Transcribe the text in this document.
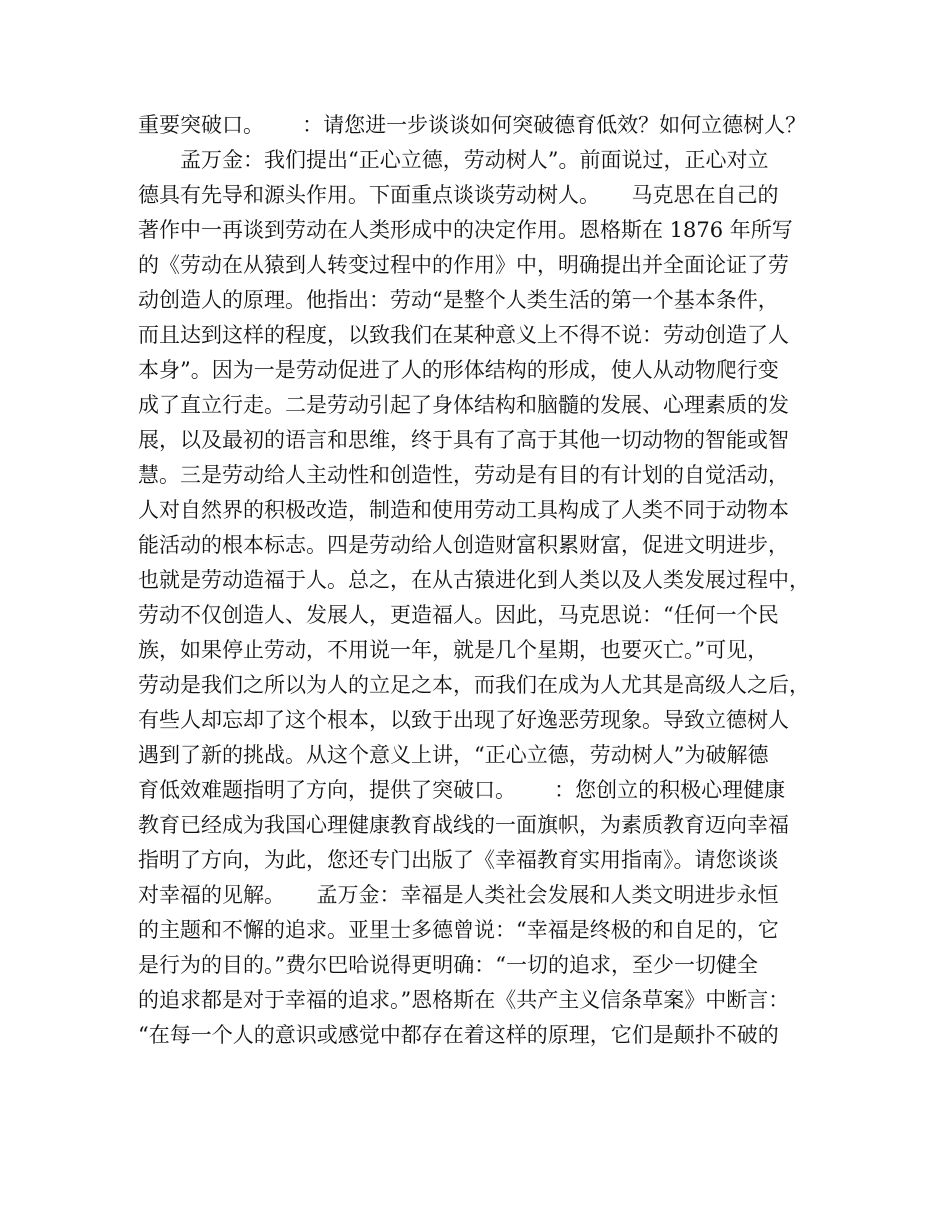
重要突破口。　　 ：请您进一步谈谈如何突破德育低效？如何立德树人？
　　孟万金：我们提出“正心立德，劳动树人”。前面说过，正心对立
德具有先导和源头作用。下面重点谈谈劳动树人。　　马克思在自己的
著作中一再谈到劳动在人类形成中的决定作用。恩格斯在 1876 年所写
的《劳动在从猿到人转变过程中的作用》中，明确提出并全面论证了劳
动创造人的原理。他指出：劳动“是整个人类生活的第一个基本条件，
而且达到这样的程度，以致我们在某种意义上不得不说：劳动创造了人
本身”。因为一是劳动促进了人的形体结构的形成，使人从动物爬行变
成了直立行走。二是劳动引起了身体结构和脑髓的发展、心理素质的发
展，以及最初的语言和思维，终于具有了高于其他一切动物的智能或智
慧。三是劳动给人主动性和创造性，劳动是有目的有计划的自觉活动，
人对自然界的积极改造，制造和使用劳动工具构成了人类不同于动物本
能活动的根本标志。四是劳动给人创造财富积累财富，促进文明进步，
也就是劳动造福于人。总之，在从古猿进化到人类以及人类发展过程中，
劳动不仅创造人、发展人，更造福人。因此，马克思说：“任何一个民
族，如果停止劳动，不用说一年，就是几个星期，也要灭亡。”可见，
劳动是我们之所以为人的立足之本，而我们在成为人尤其是高级人之后，
有些人却忘却了这个根本，以致于出现了好逸恶劳现象。导致立德树人
遇到了新的挑战。从这个意义上讲，“正心立德，劳动树人”为破解德
育低效难题指明了方向，提供了突破口。　　 ：您创立的积极心理健康
教育已经成为我国心理健康教育战线的一面旗帜，为素质教育迈向幸福
指明了方向，为此，您还专门出版了《幸福教育实用指南》。请您谈谈
对幸福的见解。　　孟万金：幸福是人类社会发展和人类文明进步永恒
的主题和不懈的追求。亚里士多德曾说：“幸福是终极的和自足的，它
是行为的目的。”费尔巴哈说得更明确：“一切的追求，至少一切健全
的追求都是对于幸福的追求。”恩格斯在《共产主义信条草案》中断言：
“在每一个人的意识或感觉中都存在着这样的原理，它们是颠扑不破的
